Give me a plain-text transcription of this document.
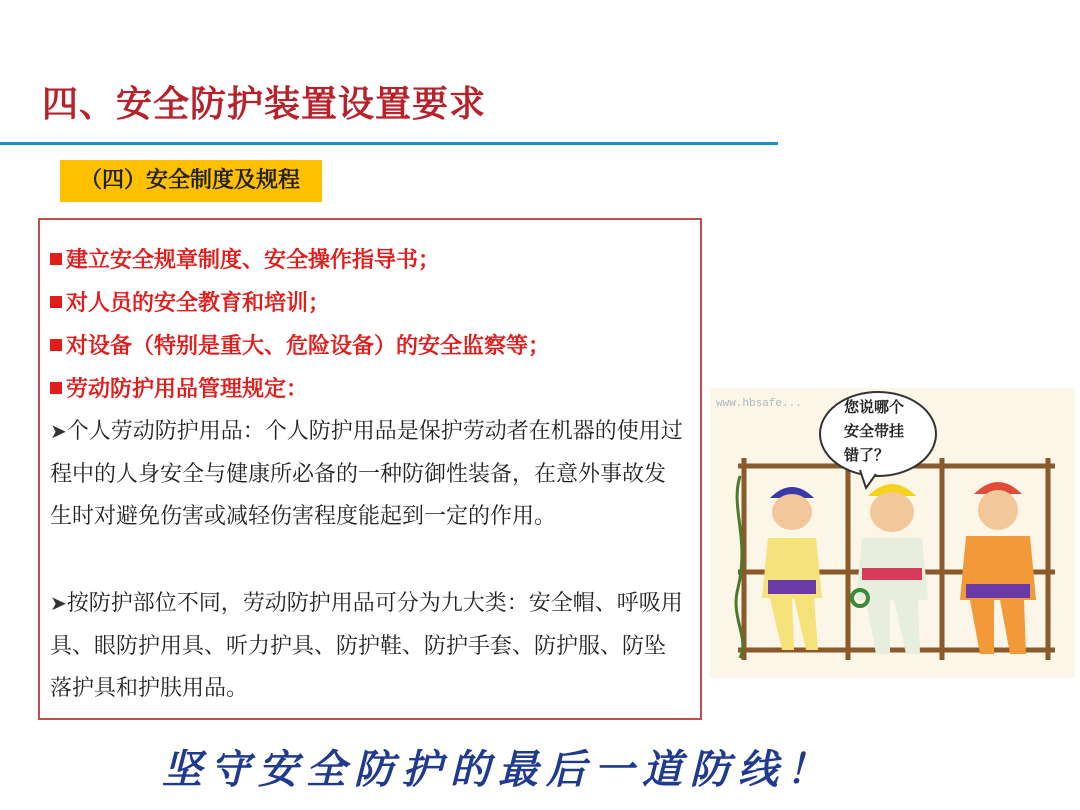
四、安全防护装置设置要求
（四）安全制度及规程
建立安全规章制度、安全操作指导书；
对人员的安全教育和培训；
对设备（特别是重大、危险设备）的安全监察等；
劳动防护用品管理规定：
➤个人劳动防护用品：个人防护用品是保护劳动者在机器的使用过程中的人身安全与健康所必备的一种防御性装备，在意外事故发生时对避免伤害或减轻伤害程度能起到一定的作用。
➤按防护部位不同，劳动防护用品可分为九大类：安全帽、呼吸用具、眼防护用具、听力护具、防护鞋、防护手套、防护服、防坠落护具和护肤用品。
您说哪个
安全带挂
错了？
www.hbsafe...
坚守安全防护的最后一道防线！
